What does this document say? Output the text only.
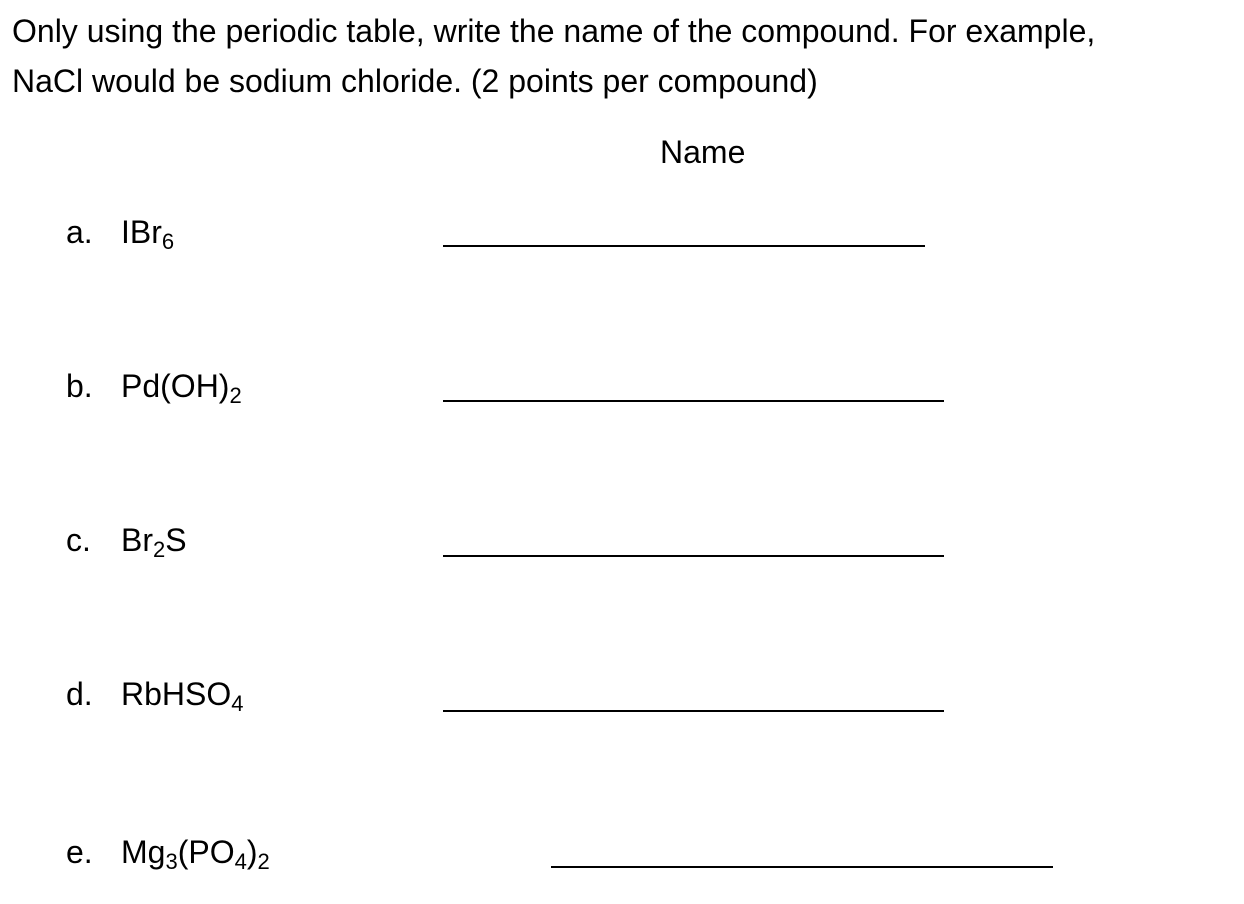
Only using the periodic table, write the name of the compound. For example,
NaCl would be sodium chloride. (2 points per compound)

Name

a. IBr$_6$
b. $Pd(OH)_2$
c. $Br_2S$
d. RbHSO$_4$
e. $Mg_3(PO_4)_2$
